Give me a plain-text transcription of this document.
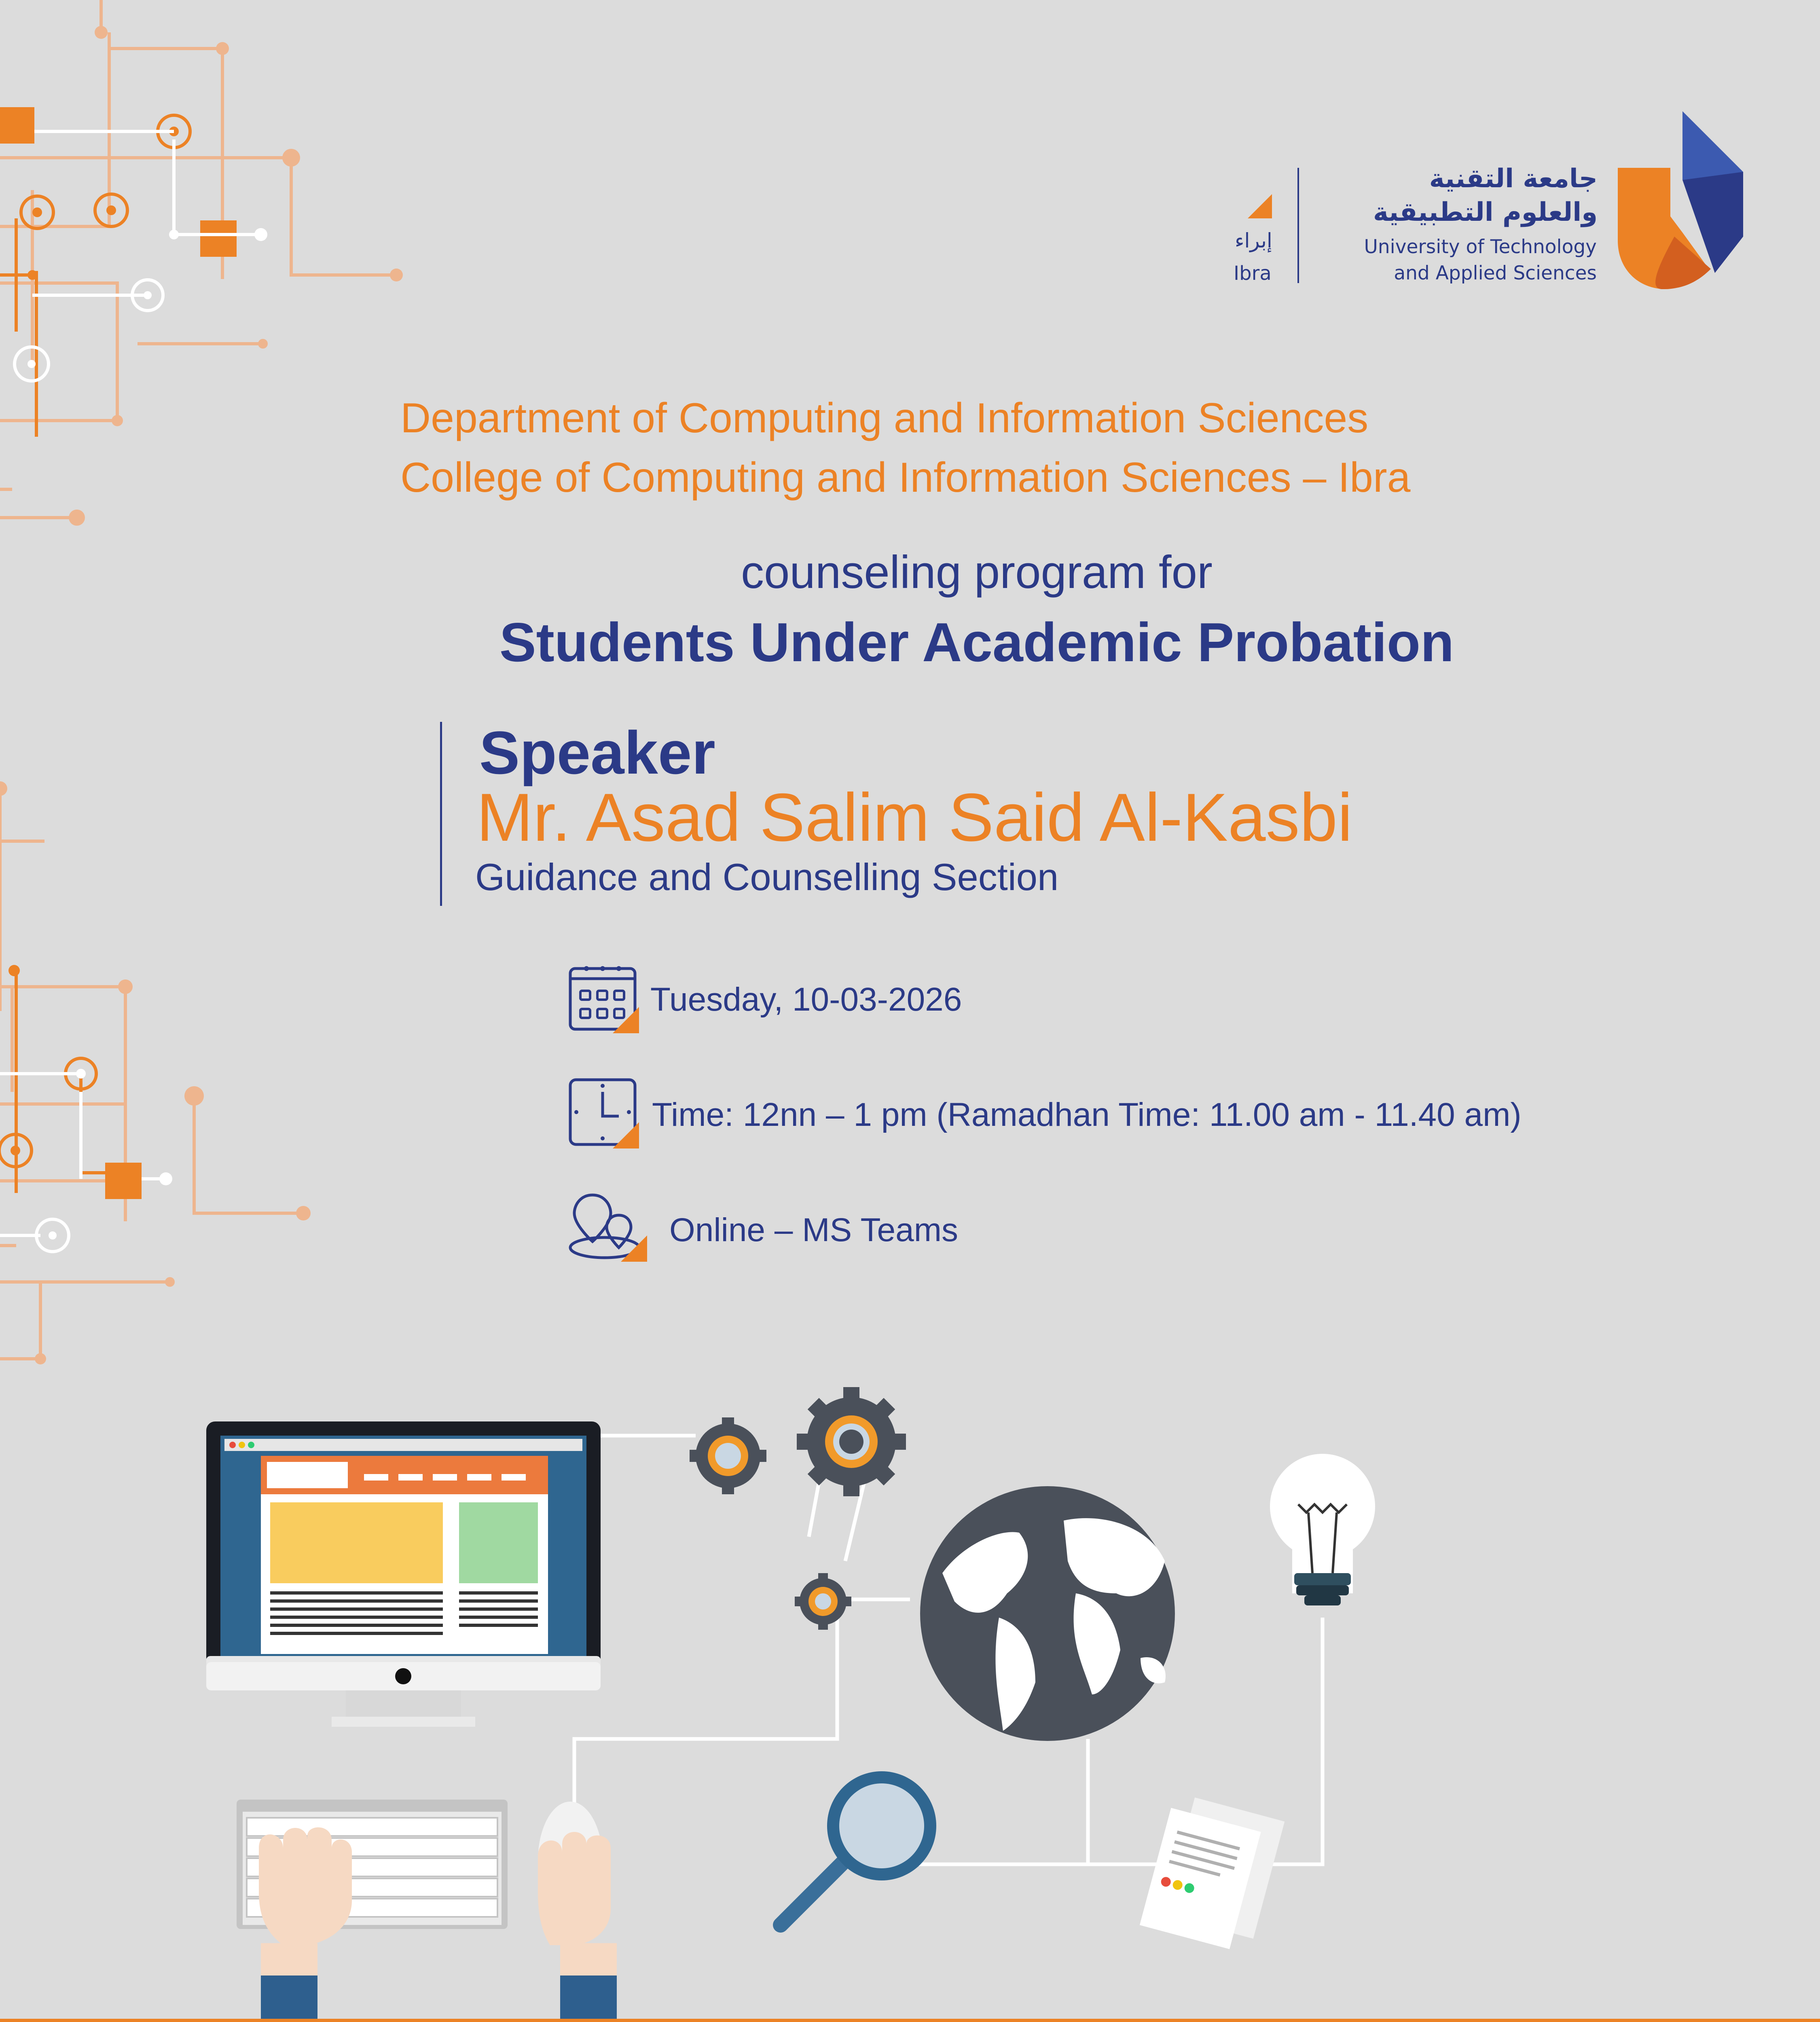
جامعة التقنية
والعلوم التطبيقية
University of Technology
and Applied Sciences
إبراء
Ibra
Department of Computing and Information Sciences
College of Computing and Information Sciences – Ibra
counseling program for
Students Under Academic Probation
Speaker
Mr. Asad Salim Said Al-Kasbi
Guidance and Counselling Section
Tuesday, 10-03-2026
Time: 12nn – 1 pm (Ramadhan Time: 11.00 am - 11.40 am)
Online – MS Teams
